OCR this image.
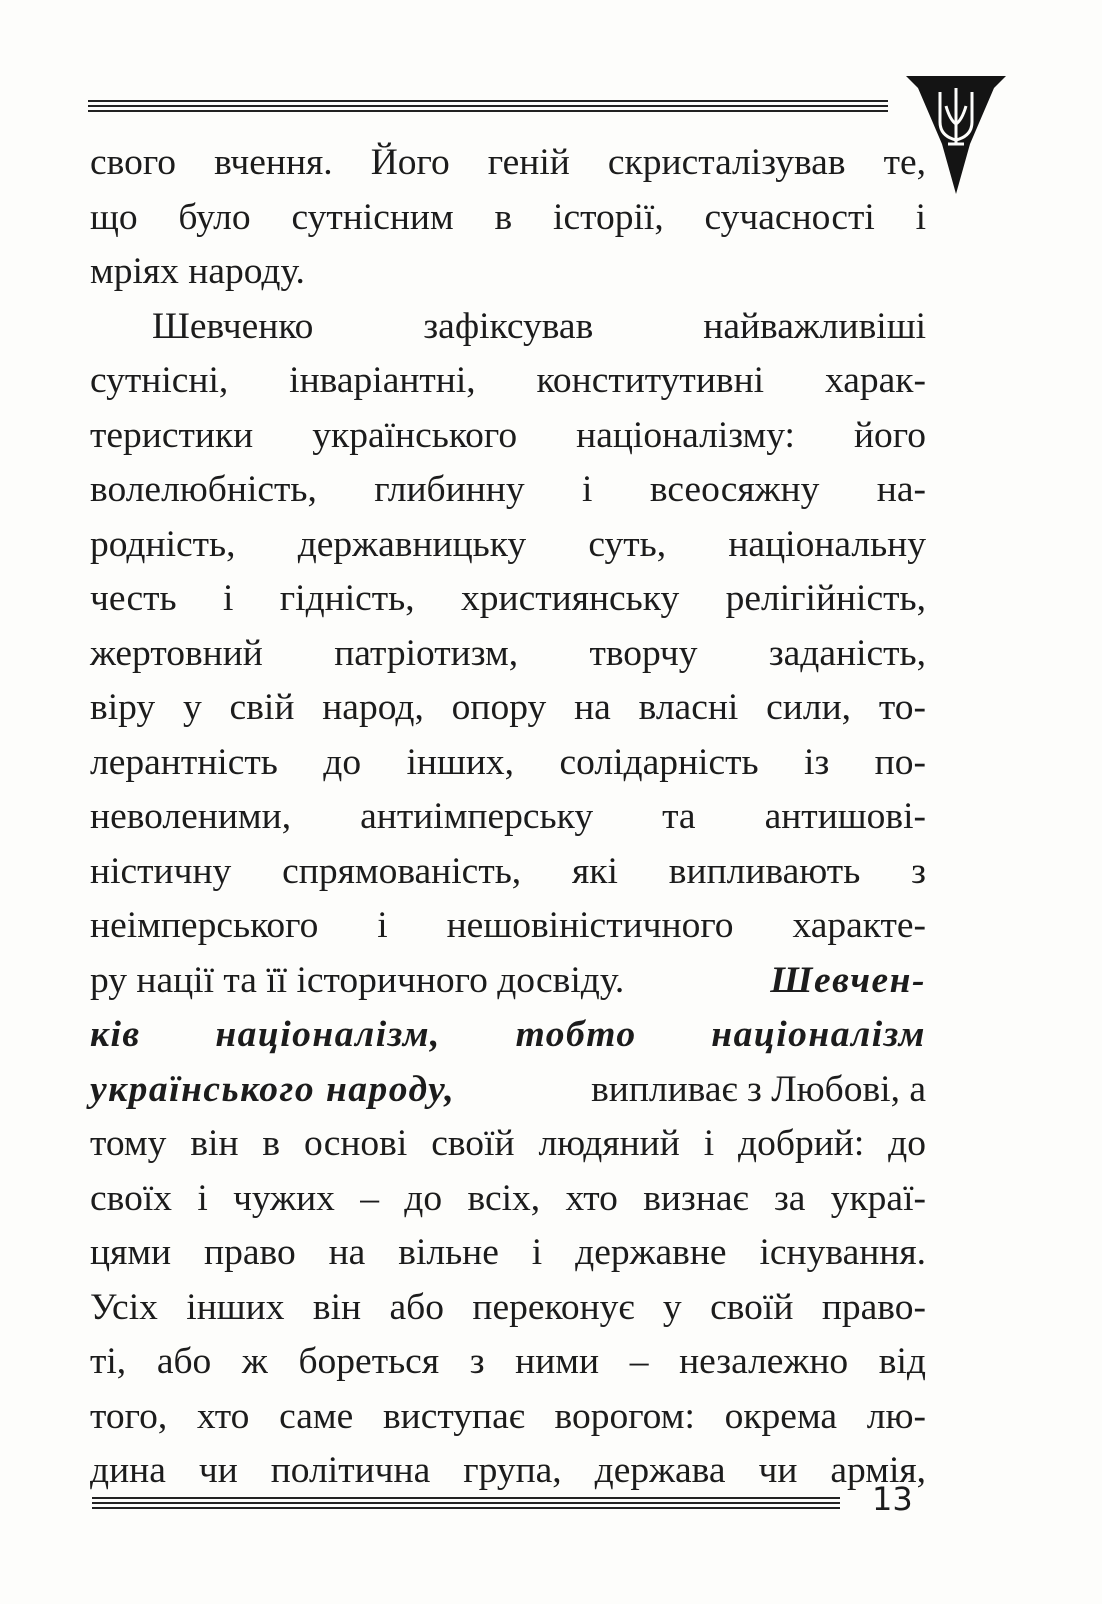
свого вчення. Його геній скристалізував те,
що було сутнісним в історії, сучасності і
мріях народу.
Шевченко зафіксував найважливіші
сутнісні, інваріантні, конститутивні харак-
теристики українського націоналізму: його
волелюбність, глибинну і всеосяжну на-
родність, державницьку суть, національну
честь і гідність, християнську релігійність,
жертовний патріотизм, творчу заданість,
віру у свій народ, опору на власні сили, то-
лерантність до інших, солідарність із по-
неволеними, антиімперську та антишові-
ністичну спрямованість, які випливають з
неімперського і нешовіністичного характе-
ру нації та її історичного досвіду.	Шевчен-
ків націоналізм, тобто націоналізм
українського народу,	випливає з Любові, а
тому він в основі своїй людяний і добрий: до
своїх і чужих – до всіх, хто визнає за украї-
цями право на вільне і державне існування.
Усіх інших він або переконує у своїй право-
ті, або ж бореться з ними – незалежно від
того, хто саме виступає ворогом: окрема лю-
дина чи політична група, держава чи армія,
13
